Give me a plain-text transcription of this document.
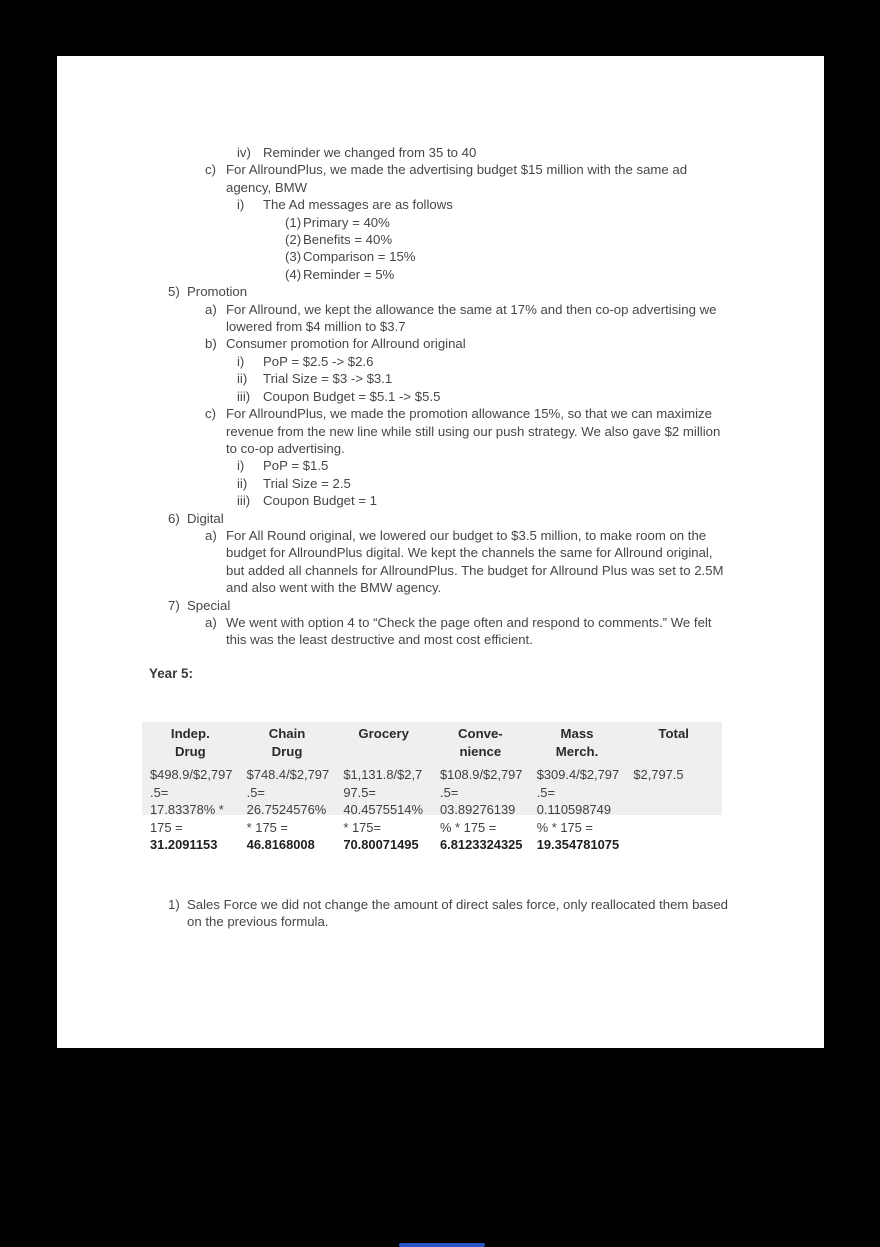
iv) Reminder we changed from 35 to 40
c) For AllroundPlus, we made the advertising budget $15 million with the same ad agency, BMW
i) The Ad messages are as follows
(1) Primary = 40%
(2) Benefits = 40%
(3) Comparison = 15%
(4) Reminder = 5%
5) Promotion
a) For Allround, we kept the allowance the same at 17% and then co-op advertising we lowered from $4 million to $3.7
b) Consumer promotion for Allround original
i) PoP = $2.5 -> $2.6
ii) Trial Size = $3 -> $3.1
iii) Coupon Budget = $5.1 -> $5.5
c) For AllroundPlus, we made the promotion allowance 15%, so that we can maximize revenue from the new line while still using our push strategy. We also gave $2 million to co-op advertising.
i) PoP = $1.5
ii) Trial Size = 2.5
iii) Coupon Budget = 1
6) Digital
a) For All Round original, we lowered our budget to $3.5 million, to make room on the budget for AllroundPlus digital. We kept the channels the same for Allround original, but added all channels for AllroundPlus. The budget for Allround Plus was set to 2.5M and also went with the BMW agency.
7) Special
a) We went with option 4 to “Check the page often and respond to comments.” We felt this was the least destructive and most cost efficient.
Year 5:
Indep.
Drug
$498.9/$2,797
.5=
17.83378% *
175 =
31.2091153
Chain
Drug
$748.4/$2,797
.5=
26.7524576%
* 175 =
46.8168008
Grocery
$1,131.8/$2,7
97.5=
40.4575514%
* 175=
70.80071495
Conve-
nience
$108.9/$2,797
.5=
03.89276139
% * 175 =
6.8123324325
Mass
Merch.
$309.4/$2,797
.5=
0.110598749
% * 175 =
19.354781075
Total
$2,797.5
1) Sales Force we did not change the amount of direct sales force, only reallocated them based on the previous formula.
